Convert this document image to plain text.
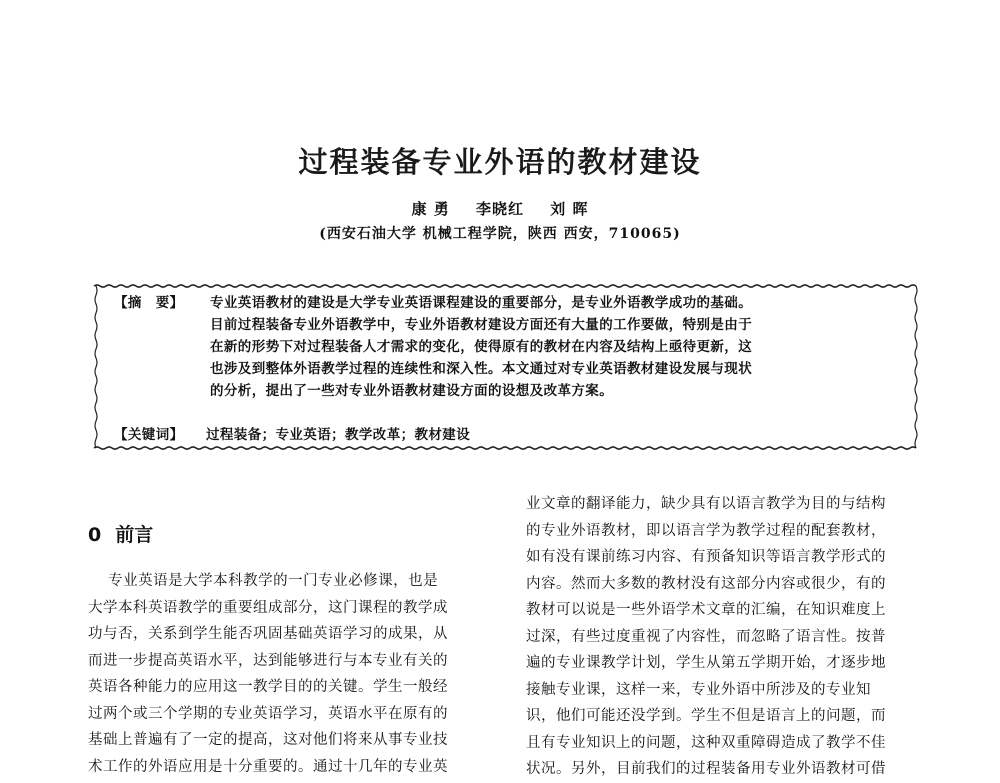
过程装备专业外语的教材建设
康 勇 李晓红 刘 晖
(西安石油大学 机械工程学院，陕西 西安，710065)
【摘　要】 专业英语教材的建设是大学专业英语课程建设的重要部分，是专业外语教学成功的基础。
目前过程装备专业外语教学中，专业外语教材建设方面还有大量的工作要做，特别是由于
在新的形势下对过程装备人才需求的变化，使得原有的教材在内容及结构上亟待更新，这
也涉及到整体外语教学过程的连续性和深入性。本文通过对专业英语教材建设发展与现状
的分析，提出了一些对专业外语教材建设方面的设想及改革方案。
【关键词】 过程装备；专业英语；教学改革；教材建设
0 前言
　 专业英语是大学本科教学的一门专业必修课，也是
大学本科英语教学的重要组成部分，这门课程的教学成
功与否，关系到学生能否巩固基础英语学习的成果，从
而进一步提高英语水平，达到能够进行与本专业有关的
英语各种能力的应用这一教学目的的关键。学生一般经
过两个或三个学期的专业英语学习，英语水平在原有的
基础上普遍有了一定的提高，这对他们将来从事专业技
术工作的外语应用是十分重要的。通过十几年的专业英
业文章的翻译能力，缺少具有以语言教学为目的与结构
的专业外语教材，即以语言学为教学过程的配套教材，
如有没有课前练习内容、有预备知识等语言教学形式的
内容。然而大多数的教材没有这部分内容或很少，有的
教材可以说是一些外语学术文章的汇编，在知识难度上
过深，有些过度重视了内容性，而忽略了语言性。按普
遍的专业课教学计划，学生从第五学期开始，才逐步地
接触专业课，这样一来，专业外语中所涉及的专业知
识，他们可能还没学到。学生不但是语言上的问题，而
且有专业知识上的问题，这种双重障碍造成了教学不佳
状况。另外，目前我们的过程装备用专业外语教材可借
